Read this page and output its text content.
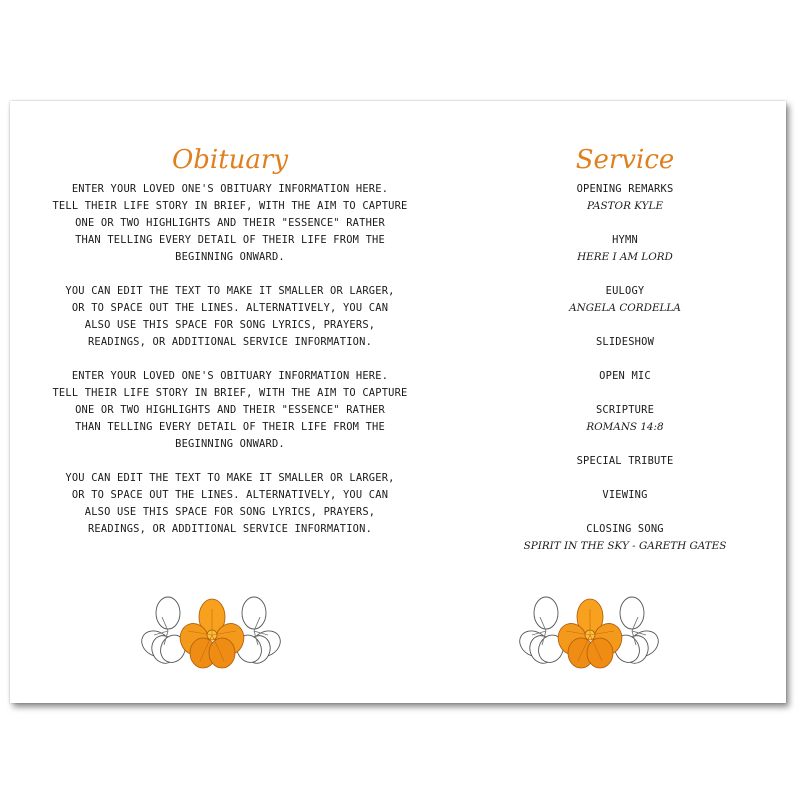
Obituary

ENTER YOUR LOVED ONE'S OBITUARY INFORMATION HERE.
TELL THEIR LIFE STORY IN BRIEF, WITH THE AIM TO CAPTURE
ONE OR TWO HIGHLIGHTS AND THEIR "ESSENCE" RATHER
THAN TELLING EVERY DETAIL OF THEIR LIFE FROM THE
BEGINNING ONWARD.

YOU CAN EDIT THE TEXT TO MAKE IT SMALLER OR LARGER,
OR TO SPACE OUT THE LINES. ALTERNATIVELY, YOU CAN
ALSO USE THIS SPACE FOR SONG LYRICS, PRAYERS,
READINGS, OR ADDITIONAL SERVICE INFORMATION.

ENTER YOUR LOVED ONE'S OBITUARY INFORMATION HERE.
TELL THEIR LIFE STORY IN BRIEF, WITH THE AIM TO CAPTURE
ONE OR TWO HIGHLIGHTS AND THEIR "ESSENCE" RATHER
THAN TELLING EVERY DETAIL OF THEIR LIFE FROM THE
BEGINNING ONWARD.

YOU CAN EDIT THE TEXT TO MAKE IT SMALLER OR LARGER,
OR TO SPACE OUT THE LINES. ALTERNATIVELY, YOU CAN
ALSO USE THIS SPACE FOR SONG LYRICS, PRAYERS,
READINGS, OR ADDITIONAL SERVICE INFORMATION.

Service
OPENING REMARKS
PASTOR KYLE
HYMN
HERE I AM LORD
EULOGY
ANGELA CORDELLA
SLIDESHOW
OPEN MIC
SCRIPTURE
ROMANS 14:8
SPECIAL TRIBUTE
VIEWING
CLOSING SONG
SPIRIT IN THE SKY - GARETH GATES
